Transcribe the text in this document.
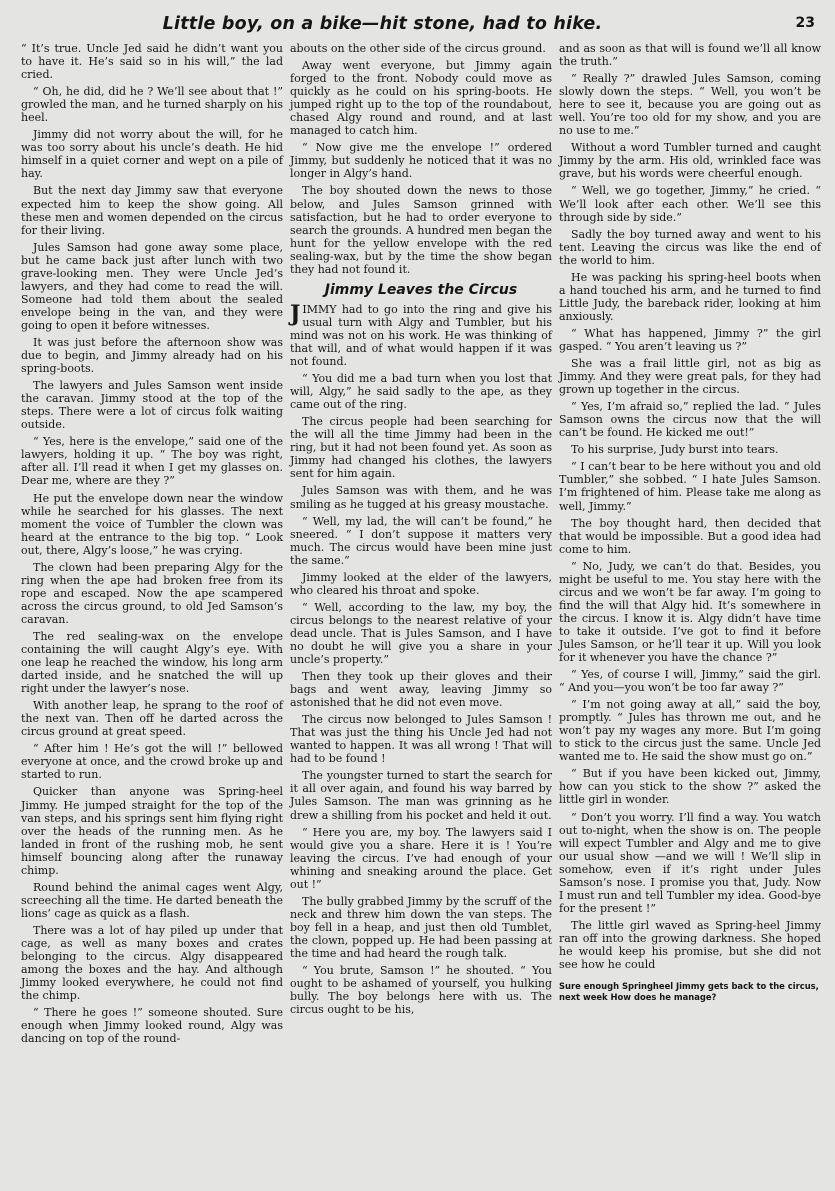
Little boy, on a bike—hit stone, had to hike.	23

“ It’s true. Uncle Jed said he didn’t want you to have it. He’s said so in his will,” the lad cried.

“ Oh, he did, did he ? We’ll see about that !” growled the man, and he turned sharply on his heel.

Jimmy did not worry about the will, for he was too sorry about his uncle’s death. He hid himself in a quiet corner and wept on a pile of hay.

But the next day Jimmy saw that everyone expected him to keep the show going. All these men and women depended on the circus for their living.

Jules Samson had gone away some place, but he came back just after lunch with two grave-looking men. They were Uncle Jed’s lawyers, and they had come to read the will. Someone had told them about the sealed envelope being in the van, and they were going to open it before witnesses.

It was just before the afternoon show was due to begin, and Jimmy already had on his spring-boots.

The lawyers and Jules Samson went inside the caravan. Jimmy stood at the top of the steps. There were a lot of circus folk waiting outside.

“ Yes, here is the envelope,” said one of the lawyers, holding it up. “ The boy was right, after all. I’ll read it when I get my glasses on. Dear me, where are they ?”

He put the envelope down near the window while he searched for his glasses. The next moment the voice of Tumbler the clown was heard at the entrance to the big top. “ Look out, there, Algy’s loose,” he was crying.

The clown had been preparing Algy for the ring when the ape had broken free from its rope and escaped. Now the ape scampered across the circus ground, to old Jed Samson’s caravan.

The red sealing-wax on the envelope containing the will caught Algy’s eye. With one leap he reached the window, his long arm darted inside, and he snatched the will up right under the lawyer’s nose.

With another leap, he sprang to the roof of the next van. Then off he darted across the circus ground at great speed.

“ After him ! He’s got the will !” bellowed everyone at once, and the crowd broke up and started to run.

Quicker than anyone was Spring-heel Jimmy. He jumped straight for the top of the van steps, and his springs sent him flying right over the heads of the running men. As he landed in front of the rushing mob, he sent himself bouncing along after the runaway chimp.

Round behind the animal cages went Algy, screeching all the time. He darted beneath the lions’ cage as quick as a flash.

There was a lot of hay piled up under that cage, as well as many boxes and crates belonging to the circus. Algy disappeared among the boxes and the hay. And although Jimmy looked everywhere, he could not find the chimp.

“ There he goes !” someone shouted. Sure enough when Jimmy looked round, Algy was dancing on top of the round-

abouts on the other side of the circus ground.

Away went everyone, but Jimmy again forged to the front. Nobody could move as quickly as he could on his spring-boots. He jumped right up to the top of the roundabout, chased Algy round and round, and at last managed to catch him.

“ Now give me the envelope !” ordered Jimmy, but suddenly he noticed that it was no longer in Algy’s hand.

The boy shouted down the news to those below, and Jules Samson grinned with satisfaction, but he had to order everyone to search the grounds. A hundred men began the hunt for the yellow envelope with the red sealing-wax, but by the time the show began they had not found it.

Jimmy Leaves the Circus

JIMMY had to go into the ring and give his usual turn with Algy and Tumbler, but his mind was not on his work. He was thinking of that will, and of what would happen if it was not found.

“ You did me a bad turn when you lost that will, Algy,” he said sadly to the ape, as they came out of the ring.

The circus people had been searching for the will all the time Jimmy had been in the ring, but it had not been found yet. As soon as Jimmy had changed his clothes, the lawyers sent for him again.

Jules Samson was with them, and he was smiling as he tugged at his greasy moustache.

“ Well, my lad, the will can’t be found,” he sneered. “ I don’t suppose it matters very much. The circus would have been mine just the same.”

Jimmy looked at the elder of the lawyers, who cleared his throat and spoke.

“ Well, according to the law, my boy, the circus belongs to the nearest relative of your dead uncle. That is Jules Samson, and I have no doubt he will give you a share in your uncle’s property.”

Then they took up their gloves and their bags and went away, leaving Jimmy so astonished that he did not even move.

The circus now belonged to Jules Samson ! That was just the thing his Uncle Jed had not wanted to happen. It was all wrong ! That will had to be found !

The youngster turned to start the search for it all over again, and found his way barred by Jules Samson. The man was grinning as he drew a shilling from his pocket and held it out.

“ Here you are, my boy. The lawyers said I would give you a share. Here it is ! You’re leaving the circus. I’ve had enough of your whining and sneaking around the place. Get out !”

The bully grabbed Jimmy by the scruff of the neck and threw him down the van steps. The boy fell in a heap, and just then old Tumblet, the clown, popped up. He had been passing at the time and had heard the rough talk.

“ You brute, Samson !” he shouted. “ You ought to be ashamed of yourself, you hulking bully. The boy belongs here with us. The circus ought to be his,

and as soon as that will is found we’ll all know the truth.”

“ Really ?” drawled Jules Samson, coming slowly down the steps. “ Well, you won’t be here to see it, because you are going out as well. You’re too old for my show, and you are no use to me.”

Without a word Tumbler turned and caught Jimmy by the arm. His old, wrinkled face was grave, but his words were cheerful enough.

“ Well, we go together, Jimmy,” he cried. “ We’ll look after each other. We’ll see this through side by side.”

Sadly the boy turned away and went to his tent. Leaving the circus was like the end of the world to him.

He was packing his spring-heel boots when a hand touched his arm, and he turned to find Little Judy, the bareback rider, looking at him anxiously.

“ What has happened, Jimmy ?” the girl gasped. “ You aren’t leaving us ?”

She was a frail little girl, not as big as Jimmy. And they were great pals, for they had grown up together in the circus.

“ Yes, I’m afraid so,” replied the lad. “ Jules Samson owns the circus now that the will can’t be found. He kicked me out!”

To his surprise, Judy burst into tears.

“ I can’t bear to be here without you and old Tumbler,” she sobbed. “ I hate Jules Samson. I’m frightened of him. Please take me along as well, Jimmy.”

The boy thought hard, then decided that that would be impossible. But a good idea had come to him.

“ No, Judy, we can’t do that. Besides, you might be useful to me. You stay here with the circus and we won’t be far away. I’m going to find the will that Algy hid. It’s somewhere in the circus. I know it is. Algy didn’t have time to take it outside. I’ve got to find it before Jules Samson, or he’ll tear it up. Will you look for it whenever you have the chance ?”

“ Yes, of course I will, Jimmy,” said the girl. “ And you—you won’t be too far away ?”

“ I’m not going away at all,” said the boy, promptly. “ Jules has thrown me out, and he won’t pay my wages any more. But I’m going to stick to the circus just the same. Uncle Jed wanted me to. He said the show must go on.”

“ But if you have been kicked out, Jimmy, how can you stick to the show ?” asked the little girl in wonder.

“ Don’t you worry. I’ll find a way. You watch out to-night, when the show is on. The people will expect Tumbler and Algy and me to give our usual show —and we will ! We’ll slip in somehow, even if it’s right under Jules Samson’s nose. I promise you that, Judy. Now I must run and tell Tumbler my idea. Good-bye for the present !”

The little girl waved as Spring-heel Jimmy ran off into the growing darkness. She hoped he would keep his promise, but she did not see how he could

Sure enough Springheel Jimmy gets back to the circus, next week How does he manage?
